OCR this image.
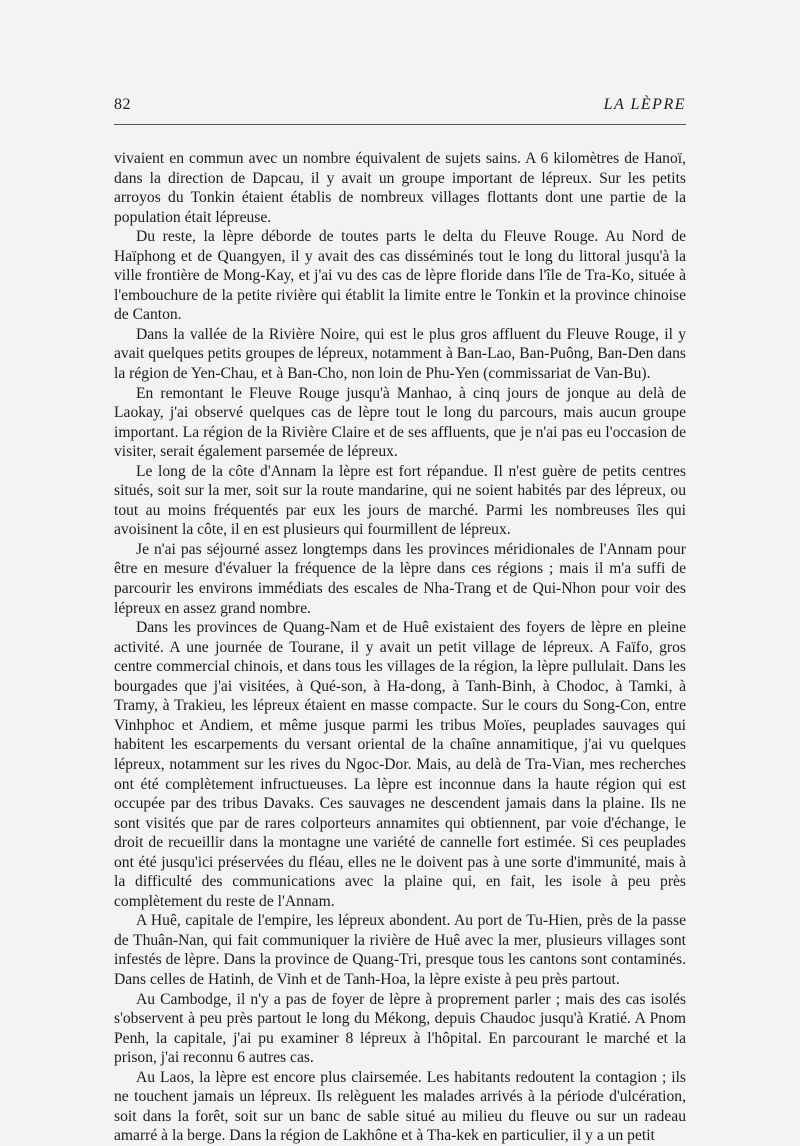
82	LA LÈPRE

vivaient en commun avec un nombre équivalent de sujets sains. A 6 kilomètres de Hanoï, dans la direction de Dapcau, il y avait un groupe important de lépreux. Sur les petits arroyos du Tonkin étaient établis de nombreux villages flottants dont une partie de la population était lépreuse.

Du reste, la lèpre déborde de toutes parts le delta du Fleuve Rouge. Au Nord de Haïphong et de Quangyen, il y avait des cas disséminés tout le long du littoral jusqu'à la ville frontière de Mong-Kay, et j'ai vu des cas de lèpre floride dans l'île de Tra-Ko, située à l'embouchure de la petite rivière qui établit la limite entre le Tonkin et la province chinoise de Canton.

Dans la vallée de la Rivière Noire, qui est le plus gros affluent du Fleuve Rouge, il y avait quelques petits groupes de lépreux, notamment à Ban-Lao, Ban-Puông, Ban-Den dans la région de Yen-Chau, et à Ban-Cho, non loin de Phu-Yen (commissariat de Van-Bu).

En remontant le Fleuve Rouge jusqu'à Manhao, à cinq jours de jonque au delà de Laokay, j'ai observé quelques cas de lèpre tout le long du parcours, mais aucun groupe important. La région de la Rivière Claire et de ses affluents, que je n'ai pas eu l'occasion de visiter, serait également parsemée de lépreux.

Le long de la côte d'Annam la lèpre est fort répandue. Il n'est guère de petits centres situés, soit sur la mer, soit sur la route mandarine, qui ne soient habités par des lépreux, ou tout au moins fréquentés par eux les jours de marché. Parmi les nombreuses îles qui avoisinent la côte, il en est plusieurs qui fourmillent de lépreux.

Je n'ai pas séjourné assez longtemps dans les provinces méridionales de l'Annam pour être en mesure d'évaluer la fréquence de la lèpre dans ces régions ; mais il m'a suffi de parcourir les environs immédiats des escales de Nha-Trang et de Qui-Nhon pour voir des lépreux en assez grand nombre.

Dans les provinces de Quang-Nam et de Huê existaient des foyers de lèpre en pleine activité. A une journée de Tourane, il y avait un petit village de lépreux. A Faïfo, gros centre commercial chinois, et dans tous les villages de la région, la lèpre pullulait. Dans les bourgades que j'ai visitées, à Qué-son, à Ha-dong, à Tanh-Binh, à Chodoc, à Tamki, à Tramy, à Trakieu, les lépreux étaient en masse compacte. Sur le cours du Song-Con, entre Vinhphoc et Andiem, et même jusque parmi les tribus Moïes, peuplades sauvages qui habitent les escarpements du versant oriental de la chaîne annamitique, j'ai vu quelques lépreux, notamment sur les rives du Ngoc-Dor. Mais, au delà de Tra-Vian, mes recherches ont été complètement infructueuses. La lèpre est inconnue dans la haute région qui est occupée par des tribus Davaks. Ces sauvages ne descendent jamais dans la plaine. Ils ne sont visités que par de rares colporteurs annamites qui obtiennent, par voie d'échange, le droit de recueillir dans la montagne une variété de cannelle fort estimée. Si ces peuplades ont été jusqu'ici préservées du fléau, elles ne le doivent pas à une sorte d'immunité, mais à la difficulté des communications avec la plaine qui, en fait, les isole à peu près complètement du reste de l'Annam.

A Huê, capitale de l'empire, les lépreux abondent. Au port de Tu-Hien, près de la passe de Thuân-Nan, qui fait communiquer la rivière de Huê avec la mer, plusieurs villages sont infestés de lèpre. Dans la province de Quang-Tri, presque tous les cantons sont contaminés. Dans celles de Hatinh, de Vinh et de Tanh-Hoa, la lèpre existe à peu près partout.

Au Cambodge, il n'y a pas de foyer de lèpre à proprement parler ; mais des cas isolés s'observent à peu près partout le long du Mékong, depuis Chaudoc jusqu'à Kratié. A Pnom Penh, la capitale, j'ai pu examiner 8 lépreux à l'hôpital. En parcourant le marché et la prison, j'ai reconnu 6 autres cas.

Au Laos, la lèpre est encore plus clairsemée. Les habitants redoutent la contagion ; ils ne touchent jamais un lépreux. Ils relèguent les malades arrivés à la période d'ulcération, soit dans la forêt, soit sur un banc de sable situé au milieu du fleuve ou sur un radeau amarré à la berge. Dans la région de Lakhône et à Tha-kek en particulier, il y a un petit
